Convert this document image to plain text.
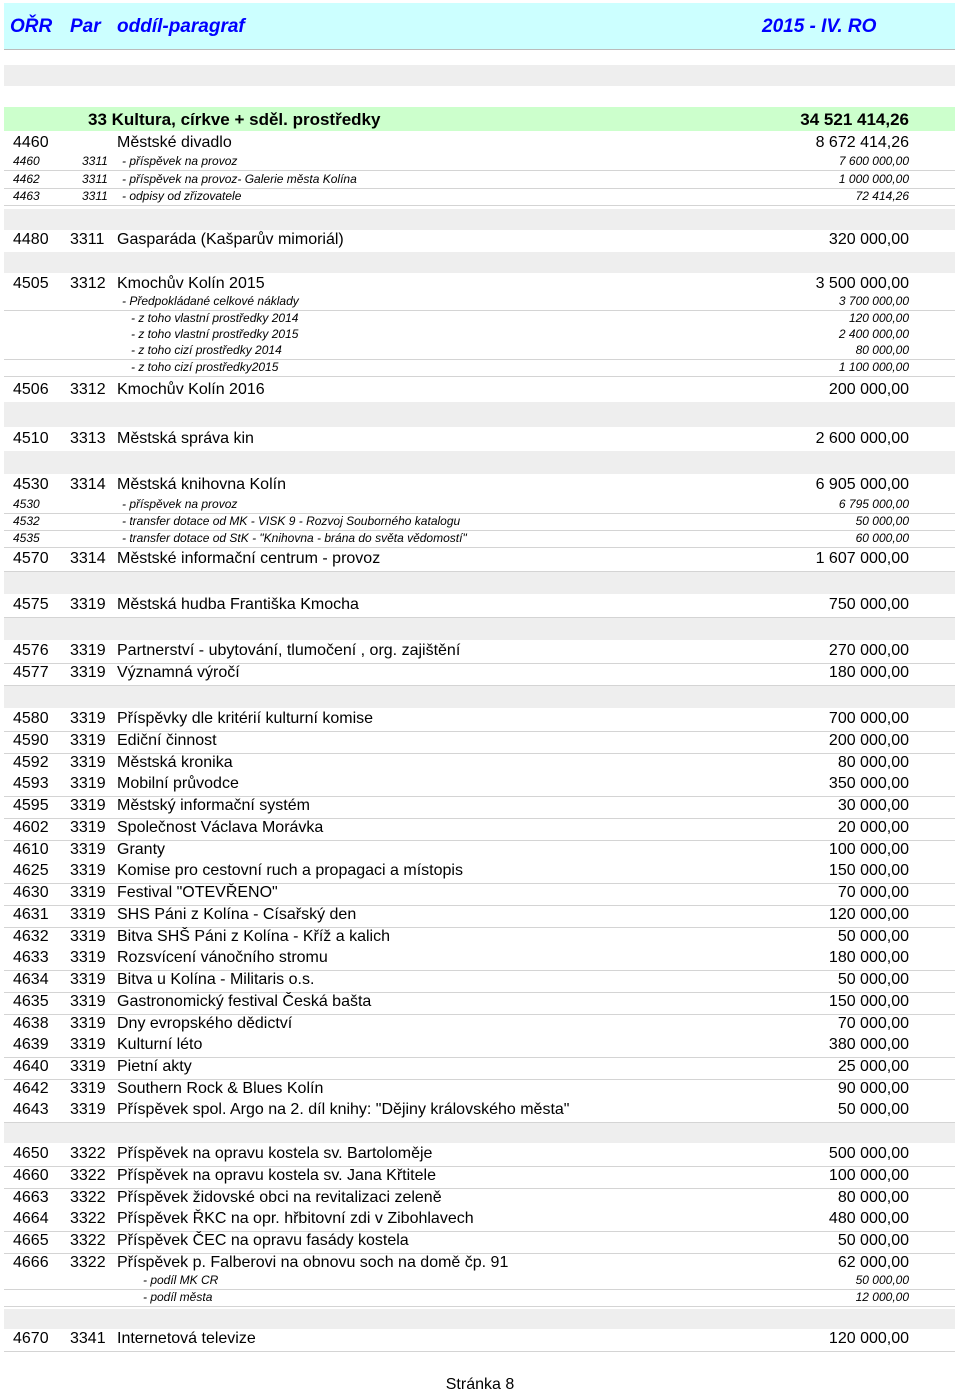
OŘR Par oddíl-paragraf	2015 - IV. RO
33 Kultura, církve + sděl. prostředky	34 521 414,26
4460	Městské divadlo	8 672 414,26
4460	3311 - příspěvek na provoz	7 600 000,00
4462	3311 - příspěvek na provoz- Galerie města Kolína	1 000 000,00
4463	3311 - odpisy od zřizovatele	72 414,26
4480 3311 Gasparáda (Kašparův mimoriál)	320 000,00
4505 3312 Kmochův Kolín 2015	3 500 000,00
- Předpokládané celkové náklady	3 700 000,00
- z toho vlastní prostředky 2014	120 000,00
- z toho vlastní prostředky 2015	2 400 000,00
- z toho cizí prostředky 2014	80 000,00
- z toho cizí prostředky2015	1 100 000,00
4506 3312 Kmochův Kolín 2016	200 000,00
4510 3313 Městská správa kin	2 600 000,00
4530 3314 Městská knihovna Kolín	6 905 000,00
4530	- příspěvek na provoz	6 795 000,00
4532	- transfer dotace od MK - VISK 9 - Rozvoj Souborného katalogu	50 000,00
4535	- transfer dotace od StK - "Knihovna - brána do světa vědomostí"	60 000,00
4570 3314 Městské informační centrum - provoz	1 607 000,00
4575 3319 Městská hudba Františka Kmocha	750 000,00
4576 3319 Partnerství - ubytování, tlumočení , org. zajištění	270 000,00
4577 3319 Významná výročí	180 000,00
4580 3319 Příspěvky dle kritérií kulturní komise	700 000,00
4590 3319 Ediční činnost	200 000,00
4592 3319 Městská kronika	80 000,00
4593 3319 Mobilní průvodce	350 000,00
4595 3319 Městský informační systém	30 000,00
4602 3319 Společnost Václava Morávka	20 000,00
4610 3319 Granty	100 000,00
4625 3319 Komise pro cestovní ruch a propagaci a místopis	150 000,00
4630 3319 Festival "OTEVŘENO"	70 000,00
4631 3319 SHS Páni z Kolína - Císařský den	120 000,00
4632 3319 Bitva SHŠ Páni z Kolína - Kříž a kalich	50 000,00
4633 3319 Rozsvícení vánočního stromu	180 000,00
4634 3319 Bitva u Kolína - Militaris o.s.	50 000,00
4635 3319 Gastronomický festival Česká bašta	150 000,00
4638 3319 Dny evropského dědictví	70 000,00
4639 3319 Kulturní léto	380 000,00
4640 3319 Pietní akty	25 000,00
4642 3319 Southern Rock & Blues Kolín	90 000,00
4643 3319 Příspěvek spol. Argo na 2. díl knihy: "Dějiny královského města"	50 000,00
4650 3322 Příspěvek na opravu kostela sv. Bartoloměje	500 000,00
4660 3322 Příspěvek na opravu kostela sv. Jana Křtitele	100 000,00
4663 3322 Příspěvek židovské obci na revitalizaci zeleně	80 000,00
4664 3322 Příspěvek ŘKC na opr. hřbitovní zdi v Zibohlavech	480 000,00
4665 3322 Příspěvek ČEC na opravu fasády kostela	50 000,00
4666 3322 Příspěvek p. Falberovi na obnovu soch na domě čp. 91	62 000,00
- podíl MK CR	50 000,00
- podíl města	12 000,00
4670 3341 Internetová televize	120 000,00
Stránka 8
